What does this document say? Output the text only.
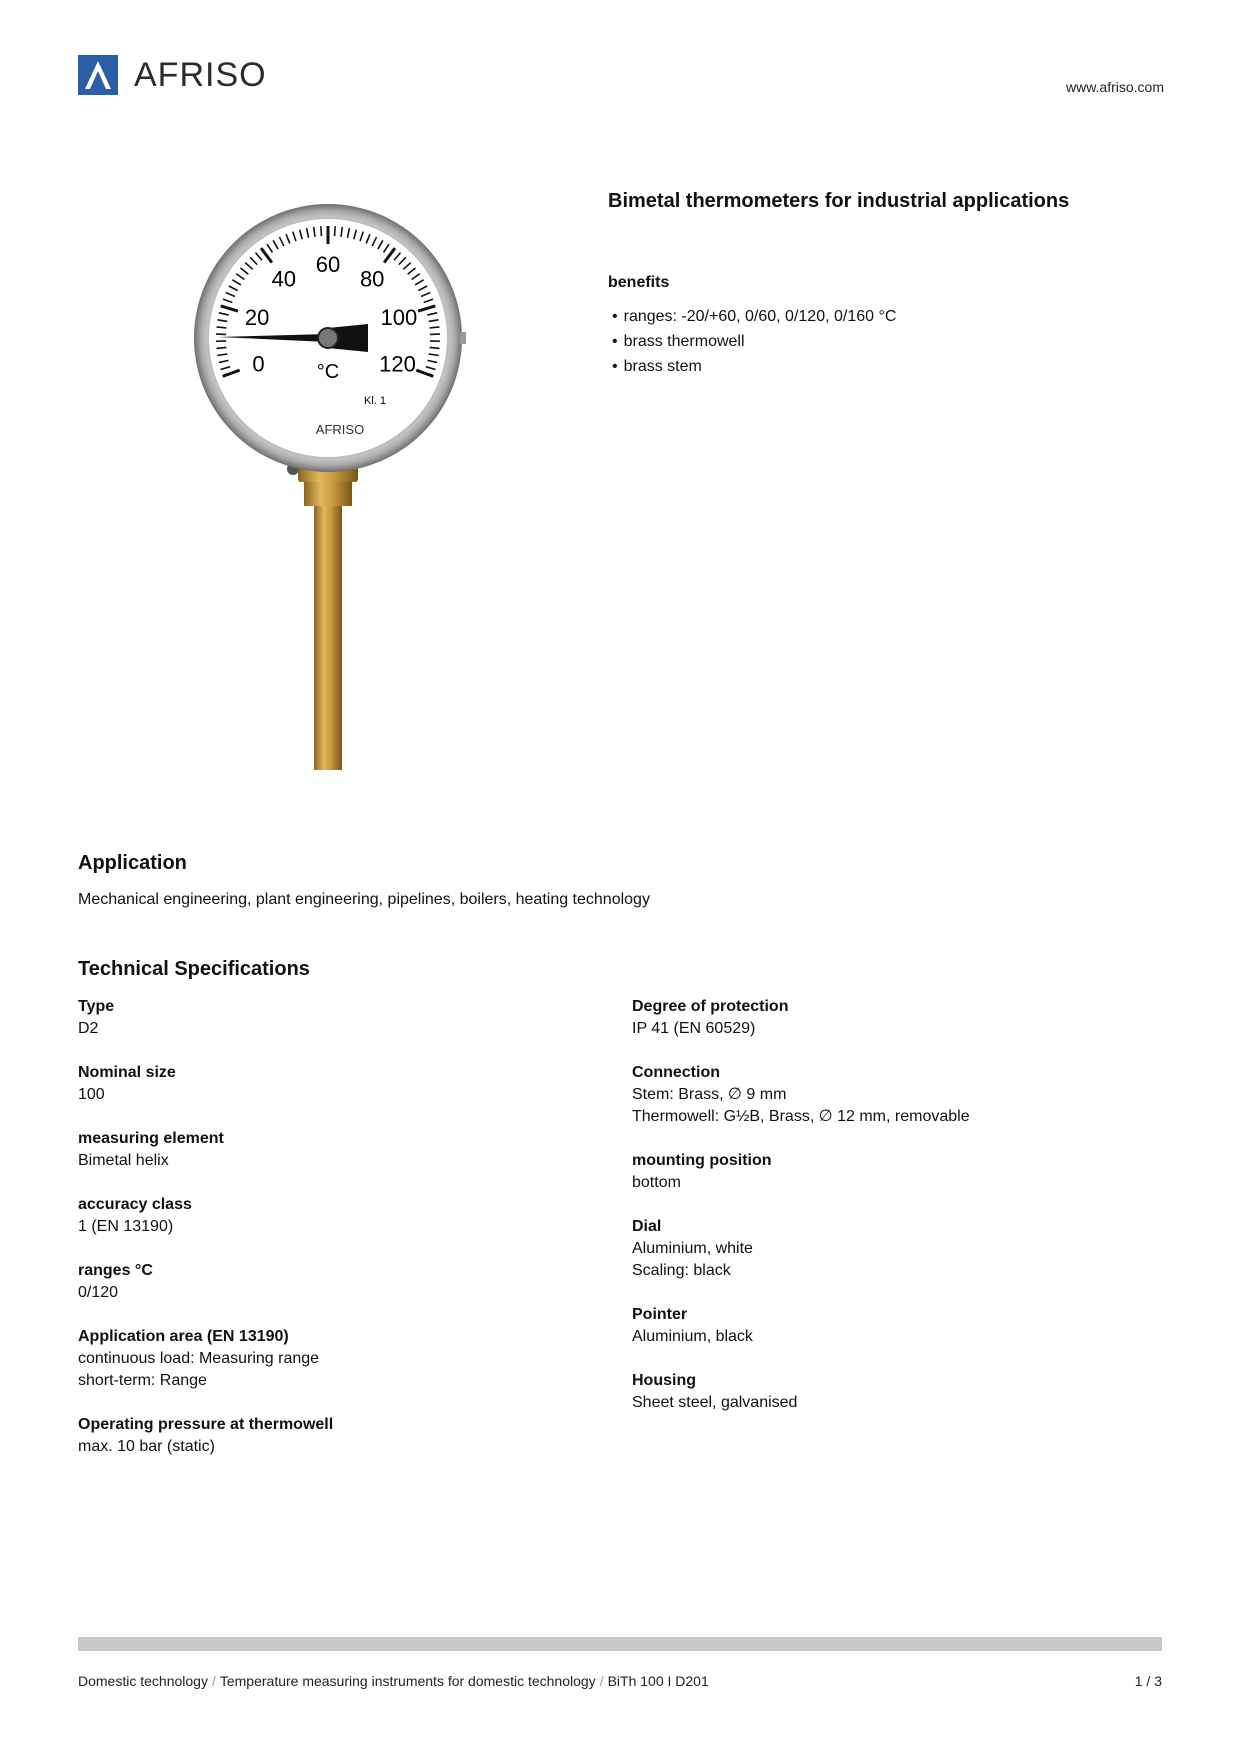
AFRISO	www.afriso.com
0
20
40
60
80
100
120
°C
Kl. 1
AFRISO
Bimetal thermometers for industrial applications
benefits
• ranges: -20/+60, 0/60, 0/120, 0/160 °C
• brass thermowell
• brass stem
Application
Mechanical engineering, plant engineering, pipelines, boilers, heating technology
Technical Specifications
Type
D2
Nominal size
100
measuring element
Bimetal helix
accuracy class
1 (EN 13190)
ranges °C
0/120
Application area (EN 13190)
continuous load: Measuring range
short-term: Range
Operating pressure at thermowell
max. 10 bar (static)
Degree of protection
IP 41 (EN 60529)
Connection
Stem: Brass, ∅ 9 mm
Thermowell: G½B, Brass, ∅ 12 mm, removable
mounting position
bottom
Dial
Aluminium, white
Scaling: black
Pointer
Aluminium, black
Housing
Sheet steel, galvanised
Domestic technology / Temperature measuring instruments for domestic technology / BiTh 100 I D201	1 / 3
